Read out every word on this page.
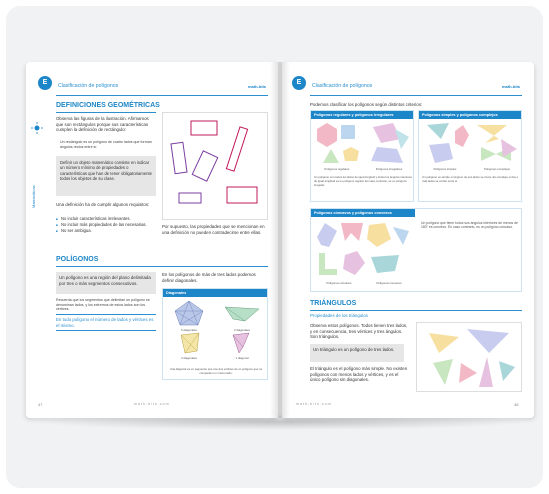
E	Clasificación de polígonos	math-bits
Matemáticas
DEFINICIONES GEOMÉTRICAS
Observa las figuras de la ilustración. Afirmamos que son rectángulos porque sus características cumplen la definición de rectángulo:
Un rectángulo es un polígono de cuatro lados que forman ángulos rectos entre sí.
Definir un objeto matemático consiste en indicar un número mínimo de propiedades o características que han de tener obligatoriamente todos los objetos de su clase.
Una definición ha de cumplir algunos requisitos:
■ No incluir características irrelevantes.
■ No incluir más propiedades de las necesarias.
■ No ser ambigua.
Por supuesto, las propiedades que se mencionan en una definición no pueden contradecirse entre ellas.
POLÍGONOS
Un polígono es una región del plano delimitada por tres o más segmentos consecutivos.
Recuerda que los segmentos que delimitan un polígono se denominan lados, y los extremos de estos lados son los vértices.
En todo polígono el número de lados y vértices es el mismo.
En los polígonos de más de tres lados podemos definir diagonales.
Diagonales
5 diagonales	2 diagonales
2 diagonales	1 diagonal
Una diagonal es un segmento que une dos vértices de un polígono que no comparten un mismo lado.
47	math-bits.com
E	Clasificación de polígonos	math-bits
Podemos clasificar los polígonos según distintos criterios:
Polígonos regulares y polígonos irregulares
Polígonos regulares	Polígonos irregulares
Un polígono con todos los lados de igual longitud y todos los ángulos interiores de igual amplitud es un polígono regular. En caso contrario, es un polígono irregular.
Polígonos simples y polígonos complejos
Polígonos simples	Polígonos complejos
Un polígono es simple si ninguno de sus lados se cruza. Es complejo si dos o más lados se cortan entre sí.
Polígonos cóncavos y polígonos convexos
Polígonos cóncavos	Polígonos convexos
Un polígono que tiene todos sus ángulos interiores de menos de 180° es convexo. En caso contrario, es un polígono cóncavo.
TRIÁNGULOS
Propiedades de los triángulos
Observa estos polígonos. Todos tienen tres lados, y en consecuencia, tres vértices y tres ángulos. Son triángulos.
Un triángulo es un polígono de tres lados.
El triángulo es el polígono más simple. No existen polígonos con menos lados y vértices, y es el único polígono sin diagonales.
math-bits.com	48
